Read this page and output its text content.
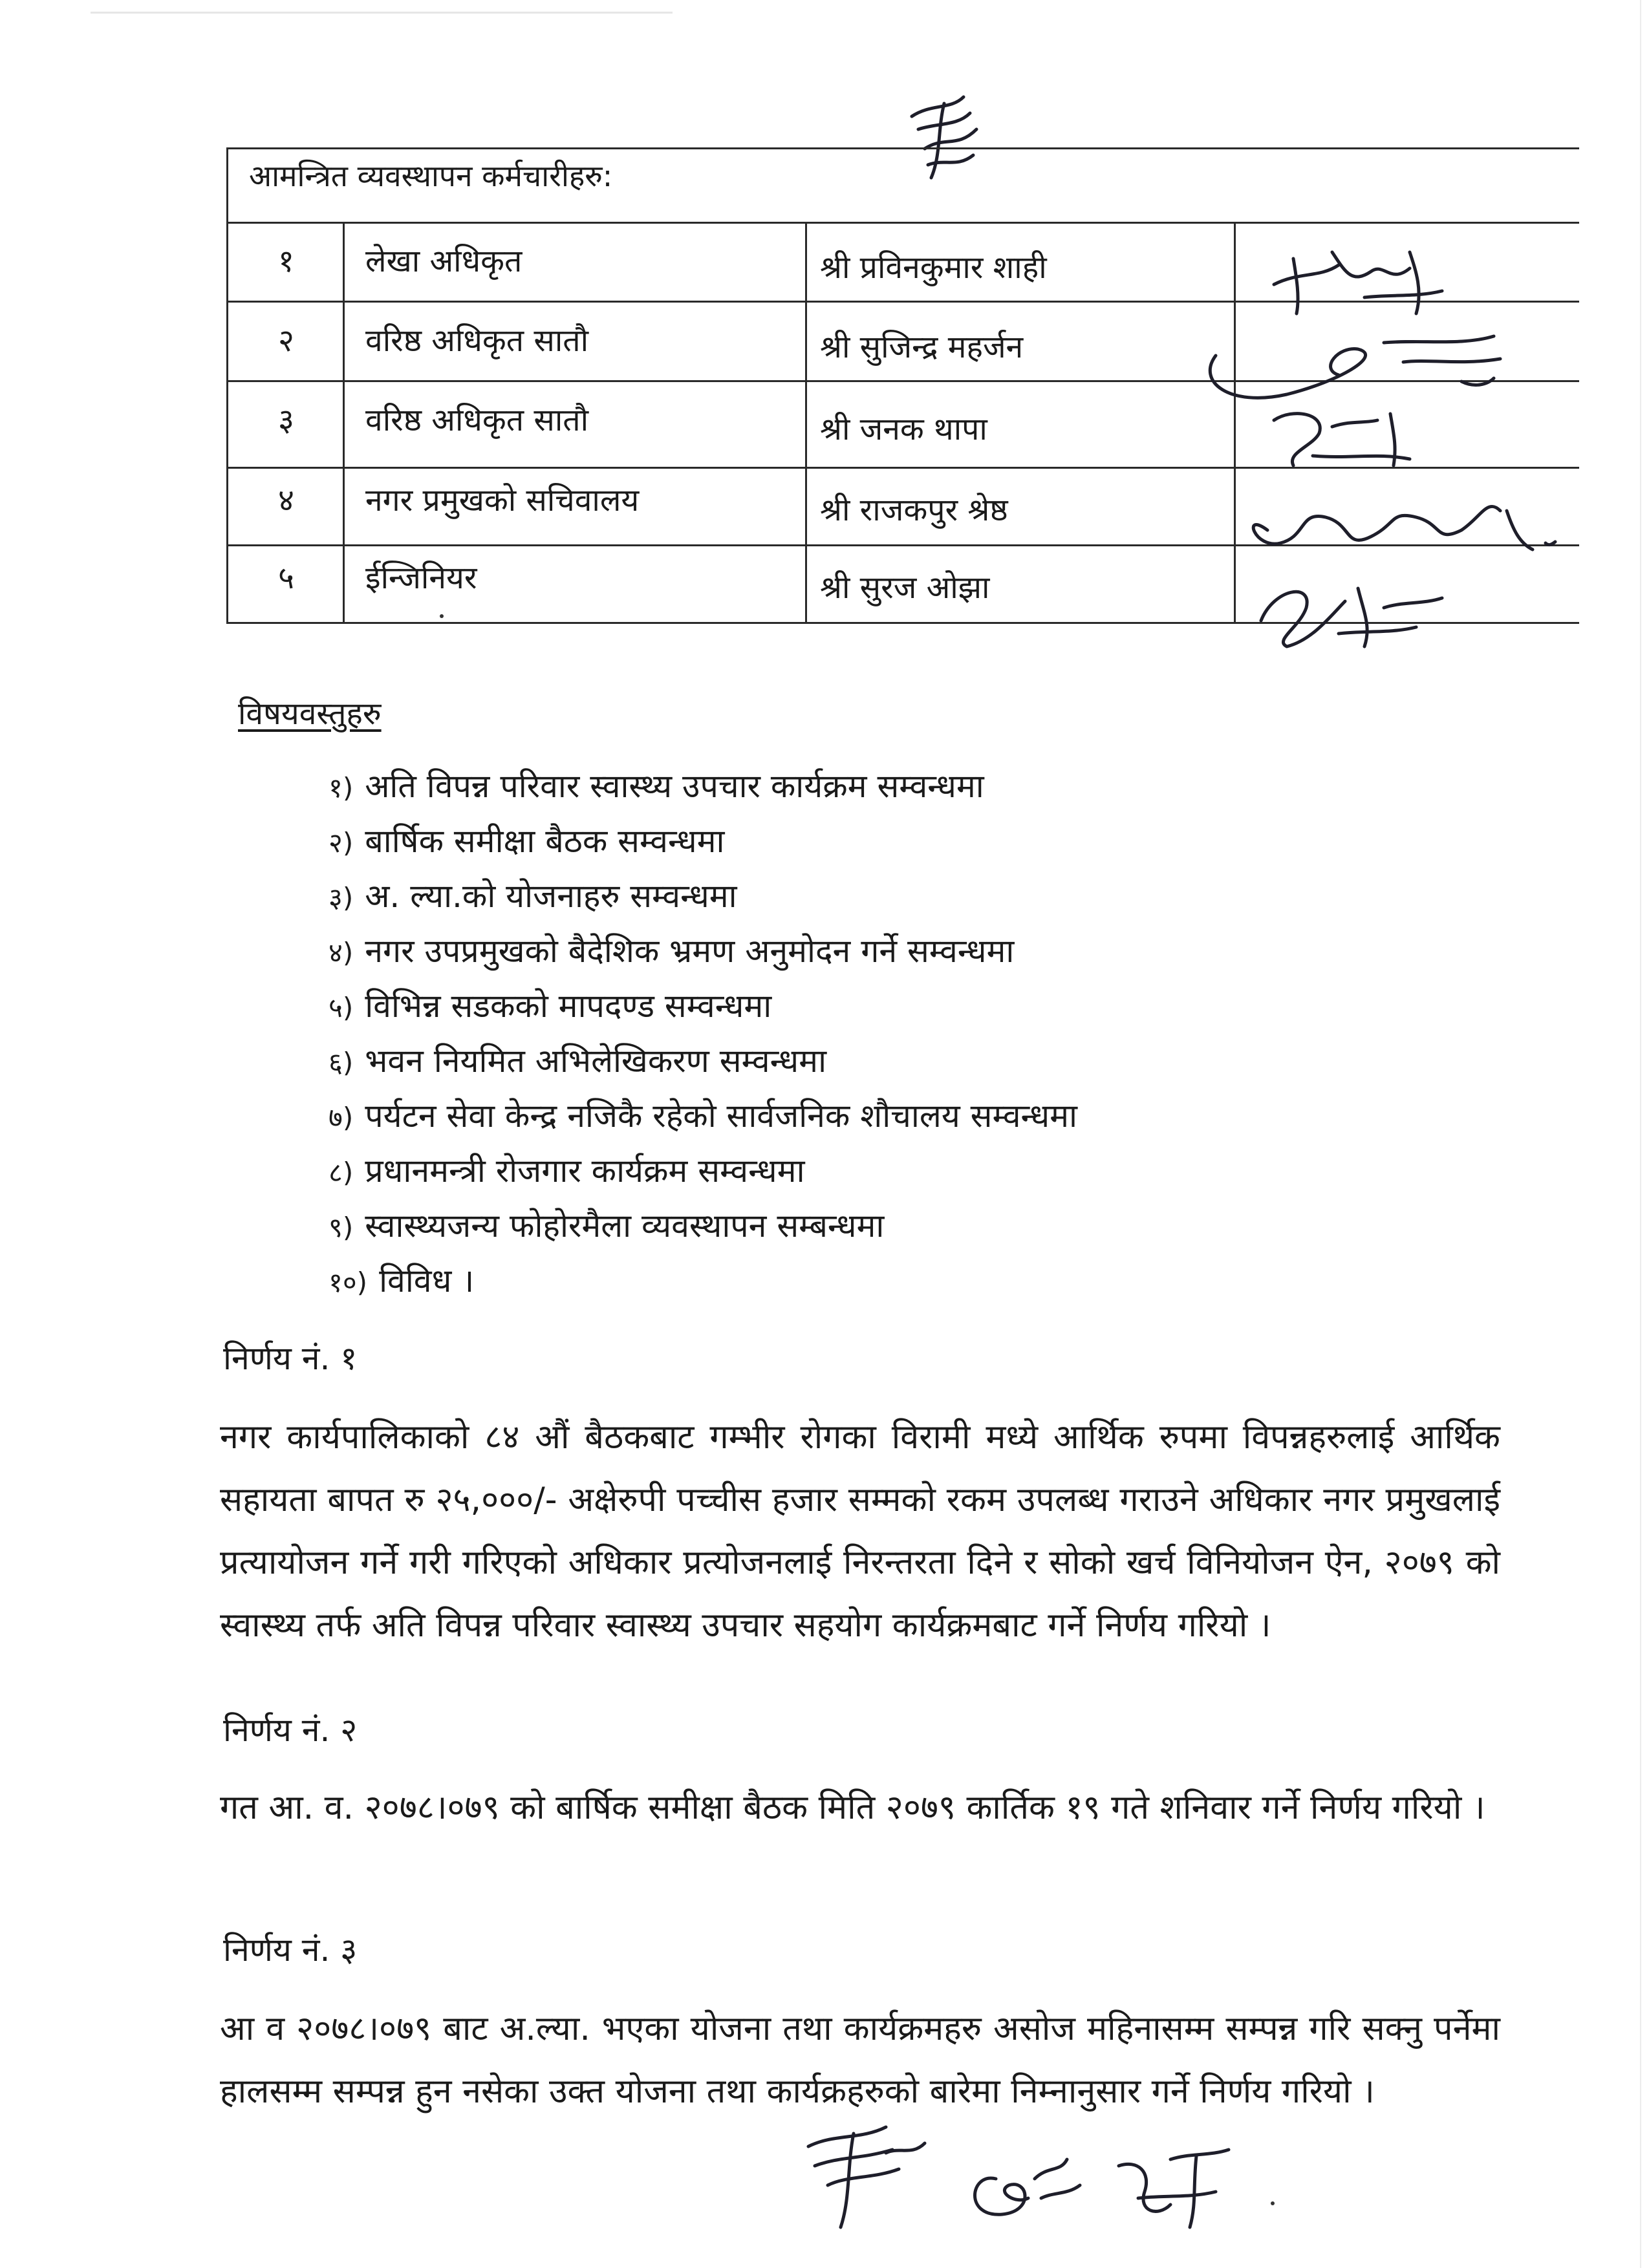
आमन्त्रित व्यवस्थापन कर्मचारीहरु:
१ लेखा अधिकृत	श्री प्रविनकुमार शाही
२ वरिष्ठ अधिकृत सातौ	श्री सुजिन्द्र महर्जन
३ वरिष्ठ अधिकृत सातौ	श्री जनक थापा
४ नगर प्रमुखको सचिवालय	श्री राजकपुर श्रेष्ठ
५ ईन्जिनियर	श्री सुरज ओझा
विषयवस्तुहरु
१) अति विपन्न परिवार स्वास्थ्य उपचार कार्यक्रम सम्वन्धमा
२) बार्षिक समीक्षा बैठक सम्वन्धमा
३) अ. ल्या.को योजनाहरु सम्वन्धमा
४) नगर उपप्रमुखको बैदेशिक भ्रमण अनुमोदन गर्ने सम्वन्धमा
५) विभिन्न सडकको मापदण्ड सम्वन्धमा
६) भवन नियमित अभिलेखिकरण सम्वन्धमा
७) पर्यटन सेवा केन्द्र नजिकै रहेको सार्वजनिक शौचालय सम्वन्धमा
८) प्रधानमन्त्री रोजगार कार्यक्रम सम्वन्धमा
९) स्वास्थ्यजन्य फोहोरमैला व्यवस्थापन सम्बन्धमा
१०) विविध ।
निर्णय नं. १
नगर कार्यपालिकाको ८४ औं बैठकबाट गम्भीर रोगका विरामी मध्ये आर्थिक रुपमा विपन्नहरुलाई आर्थिक सहायता बापत रु २५,०००/- अक्षेरुपी पच्चीस हजार सम्मको रकम उपलब्ध गराउने अधिकार नगर प्रमुखलाई प्रत्यायोजन गर्ने गरी गरिएको अधिकार प्रत्योजनलाई निरन्तरता दिने र सोको खर्च विनियोजन ऐन, २०७९ को स्वास्थ्य तर्फ अति विपन्न परिवार स्वास्थ्य उपचार सहयोग कार्यक्रमबाट गर्ने निर्णय गरियो ।
निर्णय नं. २
गत आ. व. २०७८।०७९ को बार्षिक समीक्षा बैठक मिति २०७९ कार्तिक १९ गते शनिवार गर्ने निर्णय गरियो ।
निर्णय नं. ३
आ व २०७८।०७९ बाट अ.ल्या. भएका योजना तथा कार्यक्रमहरु असोज महिनासम्म सम्पन्न गरि सक्नु पर्नेमा हालसम्म सम्पन्न हुन नसेका उक्त योजना तथा कार्यक्रहरुको बारेमा निम्नानुसार गर्ने निर्णय गरियो ।
